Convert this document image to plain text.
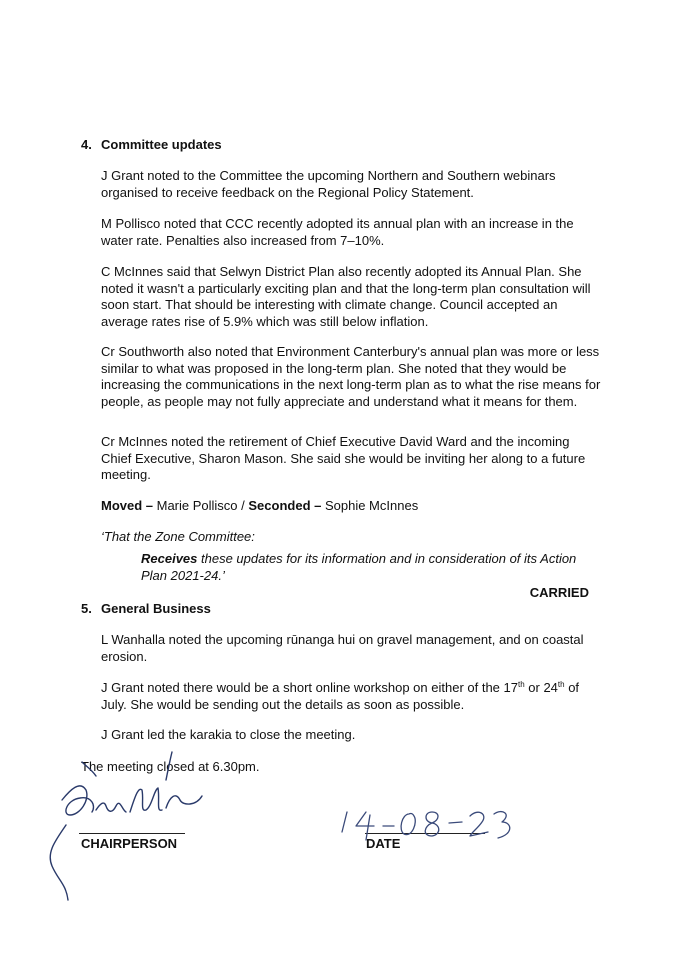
4. Committee updates
J Grant noted to the Committee the upcoming Northern and Southern webinars organised to receive feedback on the Regional Policy Statement.
M Pollisco noted that CCC recently adopted its annual plan with an increase in the water rate. Penalties also increased from 7–10%.
C McInnes said that Selwyn District Plan also recently adopted its Annual Plan. She noted it wasn't a particularly exciting plan and that the long-term plan consultation will soon start. That should be interesting with climate change. Council accepted an average rates rise of 5.9% which was still below inflation.
Cr Southworth also noted that Environment Canterbury's annual plan was more or less similar to what was proposed in the long-term plan. She noted that they would be increasing the communications in the next long-term plan as to what the rise means for people, as people may not fully appreciate and understand what it means for them.
Cr McInnes noted the retirement of Chief Executive David Ward and the incoming Chief Executive, Sharon Mason. She said she would be inviting her along to a future meeting.
Moved – Marie Pollisco / Seconded – Sophie McInnes
‘That the Zone Committee:
Receives these updates for its information and in consideration of its Action Plan 2021-24.’
CARRIED
5. General Business
L Wanhalla noted the upcoming rūnanga hui on gravel management, and on coastal erosion.
J Grant noted there would be a short online workshop on either of the 17th or 24th of July. She would be sending out the details as soon as possible.
J Grant led the karakia to close the meeting.
The meeting closed at 6.30pm.
CHAIRPERSON	DATE
